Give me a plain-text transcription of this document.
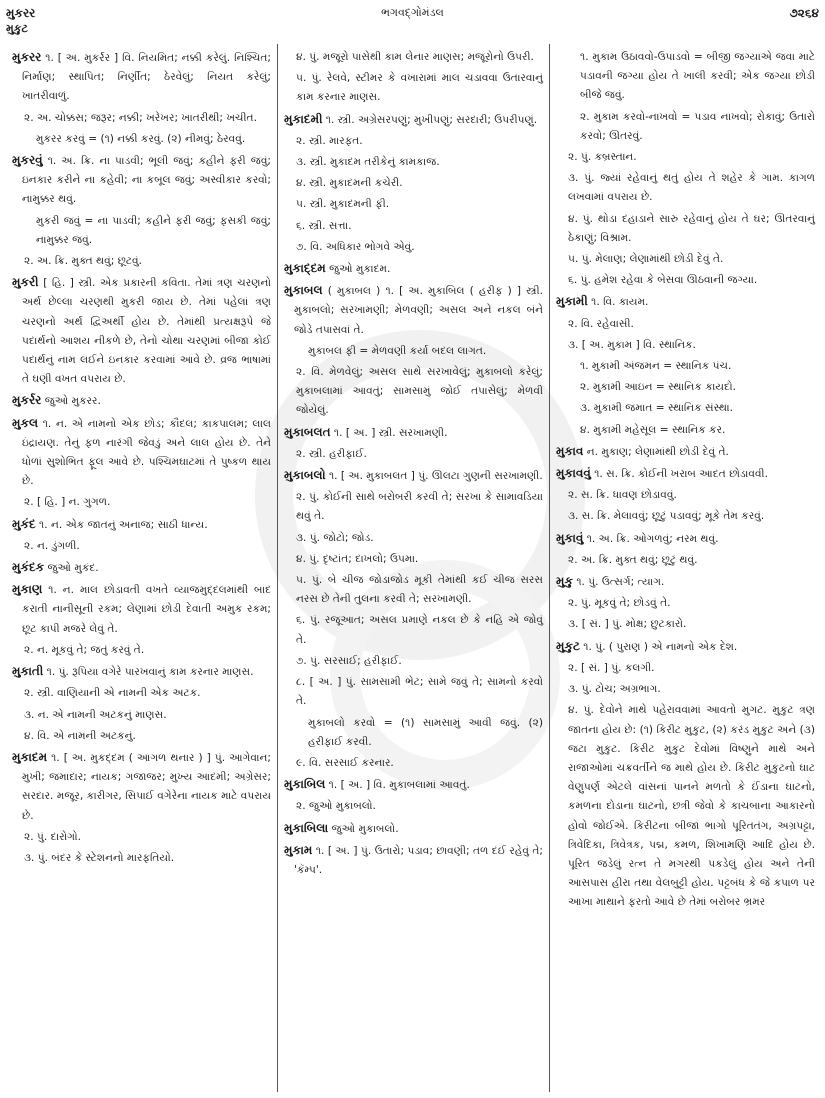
મુકરર	ભગવદ્ગોમંડલ	૭૨૬૪
મુકુટ
મુકરર ૧. [ અ. મુકર્રર ] વિ. નિયમિત; નક્કી કરેલું. નિશ્ચિત; નિર્માણ; સ્થાપિત; નિર્ણીત; ઠેરવેલું; નિયત કરેલું; ખાતરીવાળું.
૨. અ. ચોક્કસ; જરૂર; નક્કી; ખરેખર; ખાતરીથી; ખચીત.
મુકરર કરવું = (૧) નક્કી કરવું. (૨) નીમવું; ઠેરવવું.
મુકરવું ૧. અ. ક્રિ. ના પાડવી; ભૂલી જવું; કહીને ફરી જવું; ઇનકાર કરીને ના કહેવી; ના કબૂલ જવું; અસ્વીકાર કરવો; નામુક્કર થવું.
મુકરી જવું = ના પાડવી; કહીને ફરી જવું; ફસકી જવું; નામુક્કર જવું.
૨. અ. ક્રિ. મુક્ત થવું; છૂટવું.
મુકરી [ હિ. ] સ્ત્રી. એક પ્રકારની કવિતા. તેમાં ત્રણ ચરણનો અર્થ છેલ્લા ચરણથી મુકરી જાય છે. તેમાં પહેલાં ત્રણ ચરણનો અર્થ દ્વિઅર્થી હોય છે. તેમાંથી પ્રત્યક્ષરૂપે જે પદાર્થનો આશય નીકળે છે, તેનો ચોથા ચરણમાં બીજા કોઈ પદાર્થનું નામ લઈને ઇનકાર કરવામાં આવે છે. વ્રજ ભાષામાં તે ઘણી વખત વપરાય છે.
મુકર્રર જુઓ મુકરર.
મુકલ ૧. ન. એ નામનો એક છોડ; કૌદલ; કાકપાલમ; લાલ ઇંદ્રાયણ. તેનું ફળ નારંગી જેવડું અને લાલ હોય છે. તેને ધોળાં સુશોભિત ફૂલ આવે છે. પશ્ચિમઘાટમાં તે પુષ્કળ થાય છે.
૨. [ હિ. ] ન. ગુગળ.
મુકંદ ૧. ન. એક જાતનું અનાજ; સાઠી ધાન્ય.
૨. ન. ડુંગળી.
મુકંદક જુઓ મુકંદ.
મુકાણ ૧. ન. માલ છોડાવતી વખતે વ્યાજમુદ્દલમાંથી બાદ કરાતી નાનીસૂની રકમ; લેણામાં છોડી દેવાતી અમુક રકમ; છૂટ કાપી મજરે લેવું તે.
૨. ન. મૂકવું તે; જતું કરવું તે.
મુકાતી ૧. પું. રૂપિયા વગેરે પારખવાનું કામ કરનાર માણસ.
૨. સ્ત્રી. વાણિયાની એ નામની એક અટક.
૩. ન. એ નામની અટકનું માણસ.
૪. વિ. એ નામની અટકનું.
મુકાદમ ૧. [ અ. મુકદ્દમ ( આગળ થનાર ) ] પું. આગેવાન; મુખી; જમાદાર; નાયક; ગજાજર; મુખ્ય આદમી; અગ્રેસર; સરદાર. મજૂર, કારીગર, સિપાઈ વગેરેના નાયક માટે વપરાય છે.
૨. પું. દારોગો.
૩. પું. બંદર કે સ્ટેશનનો મારફતિયો.
૪. પું. મજૂરો પાસેથી કામ લેનાર માણસ; મજૂરોનો ઉપરી.
૫. પું. રેલવે, સ્ટીમર કે વખારામાં માલ ચડાવવા ઉતારવાનું કામ કરનાર માણસ.
મુકાદમી ૧. સ્ત્રી. અગ્રેસરપણું; મુખીપણું; સરદારી; ઉપરીપણું.
૨. સ્ત્રી. મારફત.
૩. સ્ત્રી. મુકાદમ તરીકેનું કામકાજ.
૪. સ્ત્રી. મુકાદમની કચેરી.
૫. સ્ત્રી. મુકાદમની ફી.
૬. સ્ત્રી. સત્તા.
૭. વિ. અધિકાર ભોગવે એવું.
મુકાદ્દમ જુઓ મુકાદમ.
મુકાબલ ( મુકાબલ ) ૧. [ અ. મુકાબિલ ( હરીફ ) ] સ્ત્રી. મુકાબલો; સરખામણી; મેળવણી; અસલ અને નકલ બંને જોડે તપાસવાં તે.
મુકાબલ ફી = મેળવણી કર્યા બદલ લાગત.
૨. વિ. મેળવેલું; અસલ સાથે સરખાવેલું; મુકાબલો કરેલું; મુકાબલામાં આવતું; સામસામું જોઈ તપાસેલું; મેળવી જોયેલું.
મુકાબલત ૧. [ અ. ] સ્ત્રી. સરખામણી.
૨. સ્ત્રી. હરીફાઈ.
મુકાબલો ૧. [ અ. મુકાબલત ] પું. ઊલટા ગુણની સરખામણી.
૨. પું. કોઈની સાથે બરોબરી કરવી તે; સરખા કે સામાવડિયા થવું તે.
૩. પું. જોટો; જોડ.
૪. પું. દૃષ્ટાંત; દાખલો; ઉપમા.
૫. પું. બે ચીજ જોડાજોડ મૂકી તેમાંથી કઈ ચીજ સરસ નરસ છે તેની તુલના કરવી તે; સરખામણી.
૬. પું. રજૂઆત; અસલ પ્રમાણે નકલ છે કે નહિ એ જોવું તે.
૭. પું. સરસાઈ; હરીફાઈ.
૮. [ અ. ] પું. સામસામી ભેટ; સામે જવું તે; સામનો કરવો તે.
મુકાબલો કરવો = (૧) સામસામું આવી જવું. (૨) હરીફાઈ કરવી.
૯. વિ. સરસાઈ કરનાર.
મુકાબિલ ૧. [ અ. ] વિ. મુકાબલામાં આવતું.
૨. જુઓ મુકાબલો.
મુકાબિલા જુઓ મુકાબલો.
મુકામ ૧. [ અ. ] પું. ઉતારો; પડાવ; છાવણી; તળ દઈ રહેવું તે; 'કૅમ્પ'.
૧. મુકામ ઉઠાવવો-ઉપાડવો = બીજી જગ્યાએ જવા માટે પડાવની જગ્યા હોય તે ખાલી કરવી; એક જગ્યા છોડી બીજે જવું.
૨. મુકામ કરવો-નાખવો = પડાવ નાખવો; રોકાવું; ઉતારો કરવો; ઊતરવું.
૨. પું. કબ્રસ્તાન.
૩. પું. જ્યાં રહેવાનું થતું હોય તે શહેર કે ગામ. કાગળ લખવામાં વપરાય છે.
૪. પું. થોડા દહાડાને સારુ રહેવાનું હોય તે ઘર; ઊતરવાનું ઠેકાણું; વિશ્રામ.
૫. પું. મેલાણ; લેણામાંથી છોડી દેવું તે.
૬. પું. હમેશ રહેવા કે બેસવા ઊઠવાની જગ્યા.
મુકામી ૧. વિ. કાયમ.
૨. વિ. રહેવાસી.
૩. [ અ. મુકામ ] વિ. સ્થાનિક.
૧. મુકામી અંજમન = સ્થાનિક પંચ.
૨. મુકામી આઇન = સ્થાનિક કાયદો.
૩. મુકામી જમાત = સ્થાનિક સંસ્થા.
૪. મુકામી મહેસૂલ = સ્થાનિક કર.
મુકાવ ન. મુકાણ; લેણામાંથી છોડી દેવું તે.
મુકાવવું ૧. સ. ક્રિ. કોઈની ખરાબ આદત છોડાવવી.
૨. સ. ક્રિ. ધાવણ છોડાવવું.
૩. સ. ક્રિ. મેલાવવું; છૂટું પડાવવું; મૂકે તેમ કરવું.
મુકાવું ૧. અ. ક્રિ. ઓગળવું; નરમ થવું.
૨. અ. ક્રિ. મુક્ત થવું; છૂટું થવું.
મુકુ ૧. પું. ઉત્સર્ગ; ત્યાગ.
૨. પું. મૂકવું તે; છોડવું તે.
૩. [ સં. ] પું. મોક્ષ; છુટકારો.
મુકુટ ૧. પું. ( પુરાણ ) એ નામનો એક દેશ.
૨. [ સં. ] પું. કલગી.
૩. પું. ટોચ; અગ્રભાગ.
૪. પું. દેવોને માથે પહેરાવવામાં આવતો મુગટ. મુકુટ ત્રણ જાતના હોય છે: (૧) કિરીટ મુકુટ, (૨) કરંડ મુકુટ અને (૩) જટા મુકુટ. કિરીટ મુકુટ દેવોમાં વિષ્ણુને માથે અને રાજાઓમાં ચક્રવર્તીને જ માથે હોય છે. કિરીટ મુકુટનો ઘાટ વેણુપર્ણ એટલે વાંસનાં પાનને મળતો કે ઈંડાના ઘાટનો, કમળના દોડાના ઘાટનો, છત્રી જેવો કે કાચબાના આકારનો હોવો જોઈએ. કિરીટના બીજા ભાગો પૂરિતતંગ, અગ્રપટ્ટા, ત્રિવેદિકા, ત્રિવેત્રક, પદ્મ, કમળ, શિખામણિ આદિ હોય છે. પૂરિત જડેલું રત્ન તે મગરથી પકડેલું હોય અને તેની આસપાસ હીરા તથા વેલબુટ્ટી હોય. પટ્ટબંધ કે જે કપાળ પર આખા માથાને ફરતો આવે છે તેમાં બરોબર ભ્રમર
